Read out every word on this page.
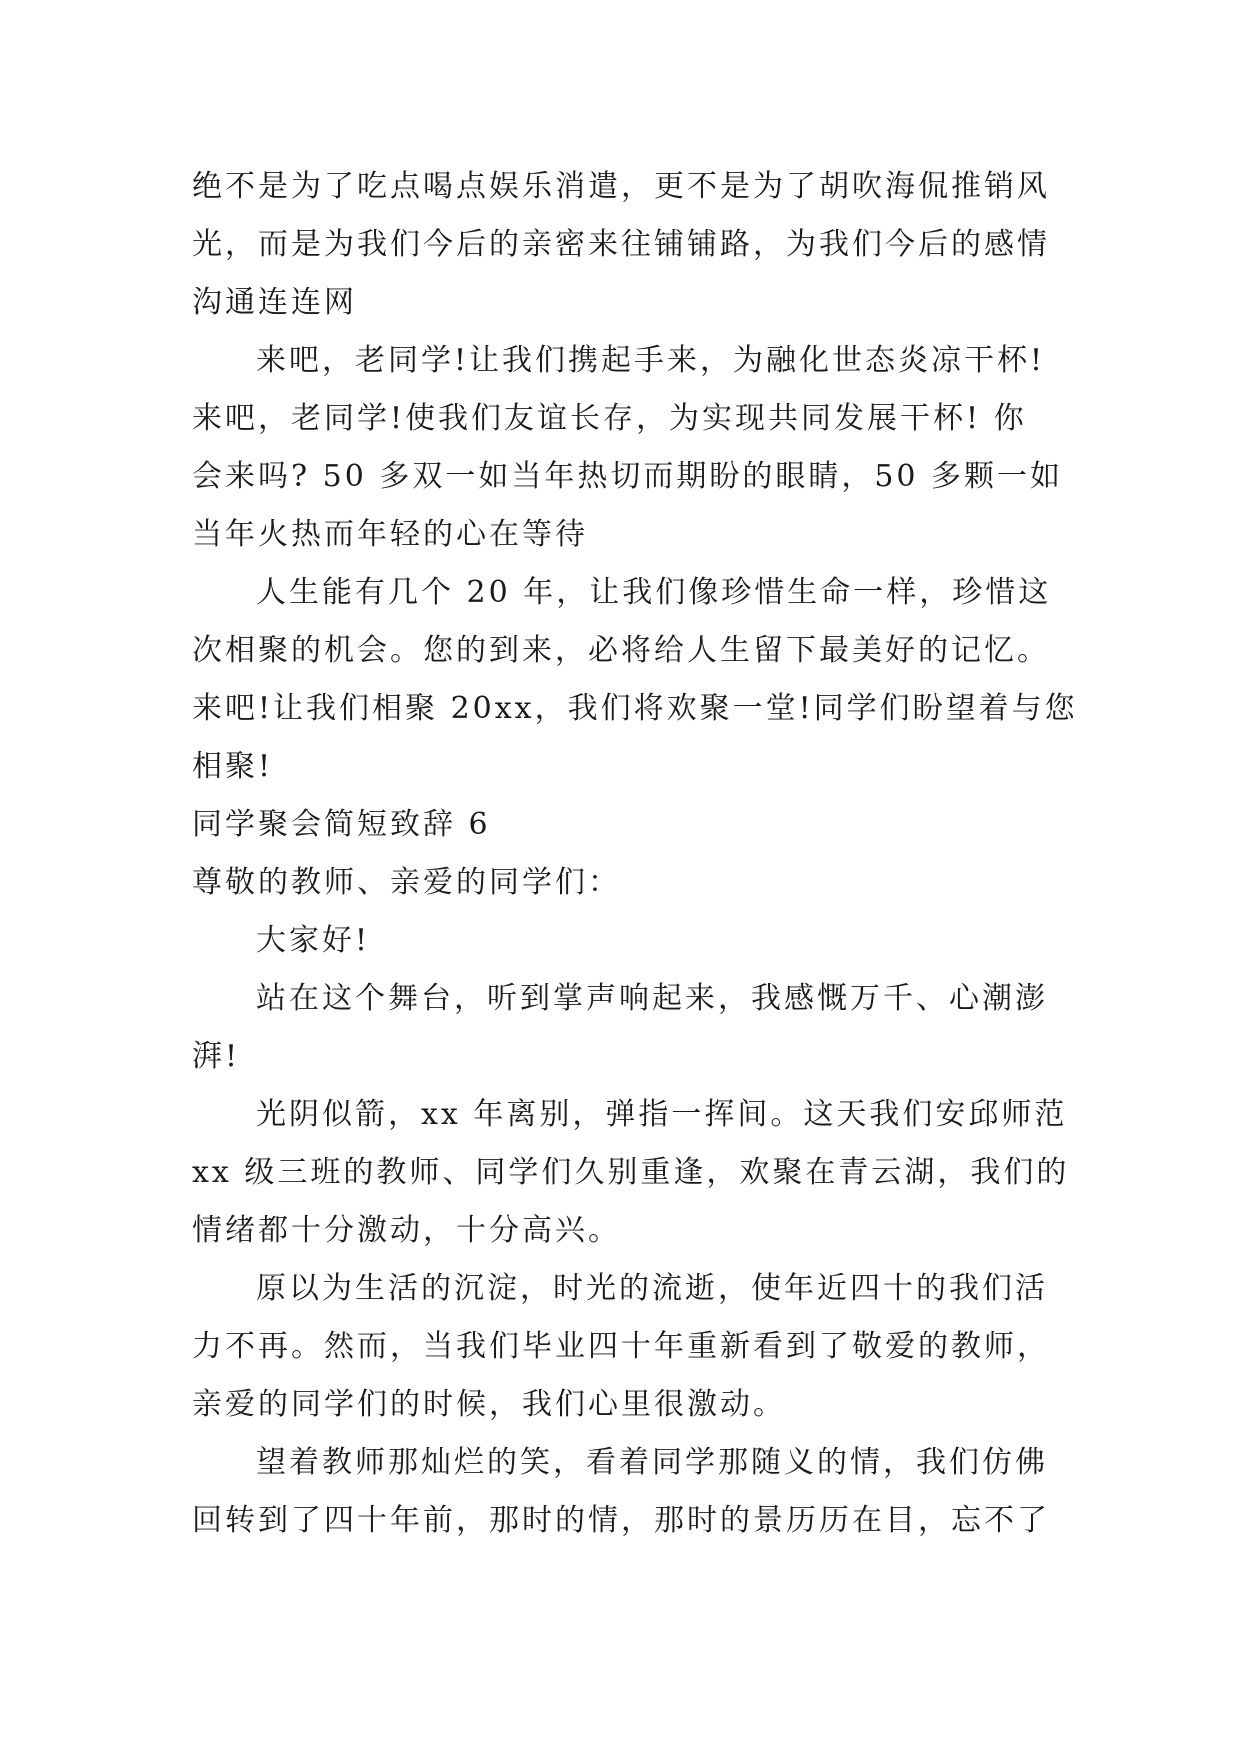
绝不是为了吃点喝点娱乐消遣，更不是为了胡吹海侃推销风
光，而是为我们今后的亲密来往铺铺路，为我们今后的感情
沟通连连网
来吧，老同学!让我们携起手来，为融化世态炎凉干杯!
来吧，老同学!使我们友谊长存，为实现共同发展干杯! 你
会来吗? 50 多双一如当年热切而期盼的眼睛，50 多颗一如
当年火热而年轻的心在等待
人生能有几个 20 年，让我们像珍惜生命一样，珍惜这
次相聚的机会。您的到来，必将给人生留下最美好的记忆。
来吧!让我们相聚 20xx，我们将欢聚一堂!同学们盼望着与您
相聚!
同学聚会简短致辞 6
尊敬的教师、亲爱的同学们：
大家好!
站在这个舞台，听到掌声响起来，我感慨万千、心潮澎
湃!
光阴似箭，xx 年离别，弹指一挥间。这天我们安邱师范
xx 级三班的教师、同学们久别重逢，欢聚在青云湖，我们的
情绪都十分激动，十分高兴。
原以为生活的沉淀，时光的流逝，使年近四十的我们活
力不再。然而，当我们毕业四十年重新看到了敬爱的教师，
亲爱的同学们的时候，我们心里很激动。
望着教师那灿烂的笑，看着同学那随义的情，我们仿佛
回转到了四十年前，那时的情，那时的景历历在目，忘不了
